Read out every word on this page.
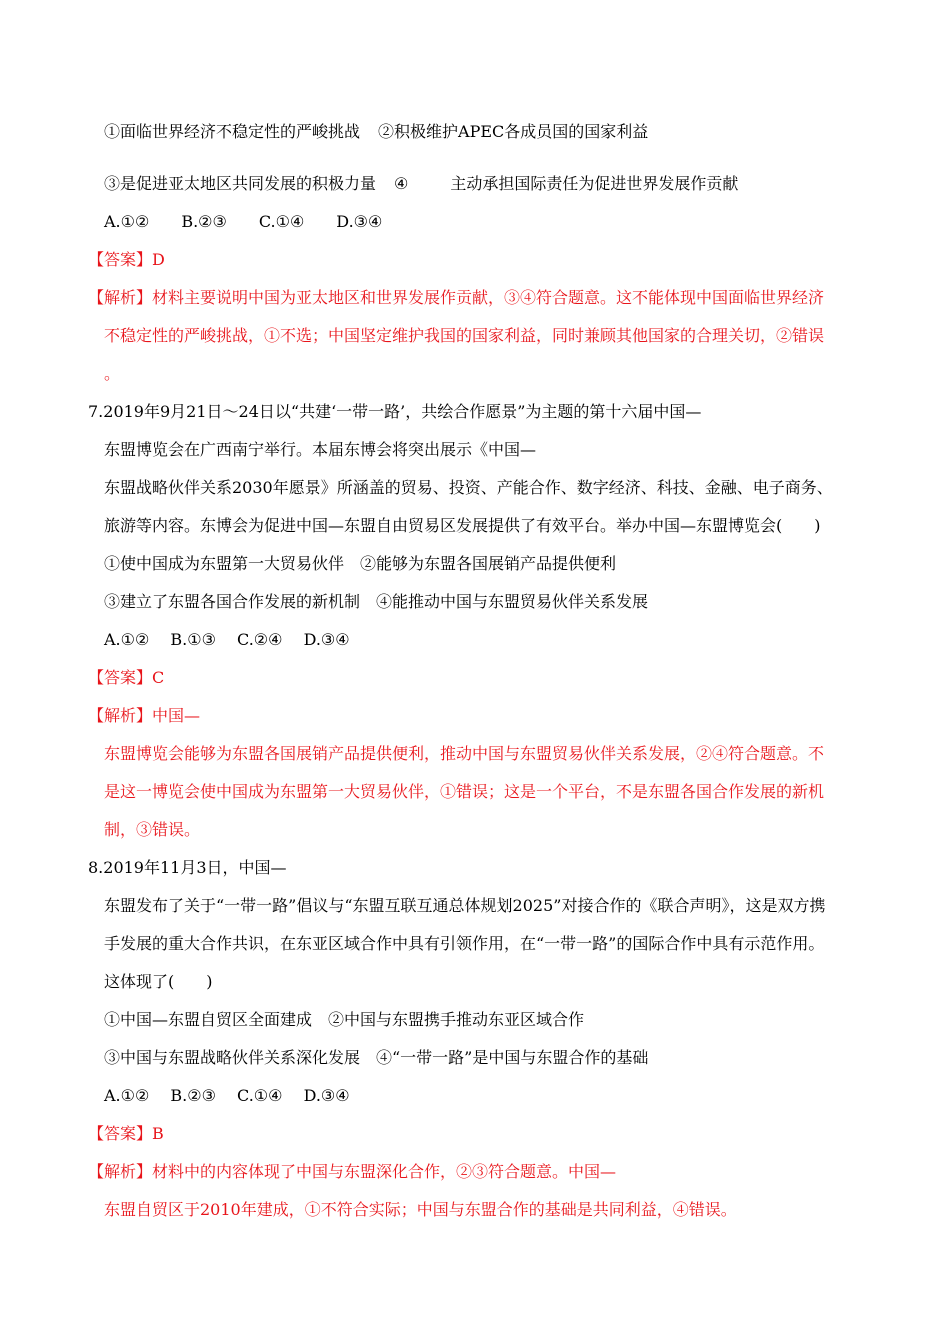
①面临世界经济不稳定性的严峻挑战 ②积极维护APEC各成员国的国家利益
③是促进亚太地区共同发展的积极力量 ④	主动承担国际责任为促进世界发展作贡献
A.①②　　B.②③　　C.①④　　D.③④
【答案】D
【解析】材料主要说明中国为亚太地区和世界发展作贡献，③④符合题意。这不能体现中国面临世界经济
不稳定性的严峻挑战，①不选；中国坚定维护我国的国家利益，同时兼顾其他国家的合理关切，②错误
。
7.2019年9月21日～24日以“共建‘一带一路’，共绘合作愿景”为主题的第十六届中国—
东盟博览会在广西南宁举行。本届东博会将突出展示《中国—
东盟战略伙伴关系2030年愿景》所涵盖的贸易、投资、产能合作、数字经济、科技、金融、电子商务、
旅游等内容。东博会为促进中国—东盟自由贸易区发展提供了有效平台。举办中国—东盟博览会(　　)
①使中国成为东盟第一大贸易伙伴　②能够为东盟各国展销产品提供便利
③建立了东盟各国合作发展的新机制　④能推动中国与东盟贸易伙伴关系发展
A.①②　 B.①③　 C.②④　 D.③④
【答案】C
【解析】中国—
东盟博览会能够为东盟各国展销产品提供便利，推动中国与东盟贸易伙伴关系发展，②④符合题意。不
是这一博览会使中国成为东盟第一大贸易伙伴，①错误；这是一个平台，不是东盟各国合作发展的新机
制，③错误。
8.2019年11月3日，中国—
东盟发布了关于“一带一路”倡议与“东盟互联互通总体规划2025”对接合作的《联合声明》，这是双方携
手发展的重大合作共识，在东亚区域合作中具有引领作用，在“一带一路”的国际合作中具有示范作用。
这体现了(　　)
①中国—东盟自贸区全面建成　②中国与东盟携手推动东亚区域合作
③中国与东盟战略伙伴关系深化发展　④“一带一路”是中国与东盟合作的基础
A.①②　 B.②③　 C.①④　 D.③④
【答案】B
【解析】材料中的内容体现了中国与东盟深化合作，②③符合题意。中国—
东盟自贸区于2010年建成，①不符合实际；中国与东盟合作的基础是共同利益，④错误。
